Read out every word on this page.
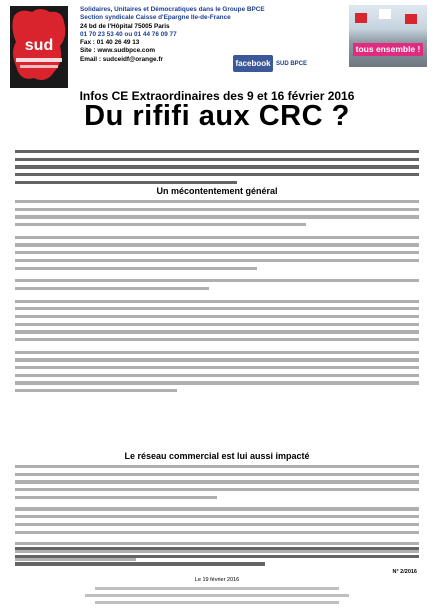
sud
Solidaires, Unitaires et Démocratiques dans le Groupe BPCE
Section syndicale Caisse d'Epargne Ile-de-France
24 bd de l'Hôpital 75005 Paris
01 70 23 53 40 ou 01 44 76 09 77
Fax : 01 40 26 49 13
Site : www.sudbpce.com
Email : sudceidf@orange.fr	facebook SUD BPCE
tous ensemble !
Infos CE Extraordinaires des 9 et 16 février 2016
Du rififi aux CRC ?
Un mécontentement général
Le réseau commercial est lui aussi impacté
N° 2/2016
Le 19 février 2016
